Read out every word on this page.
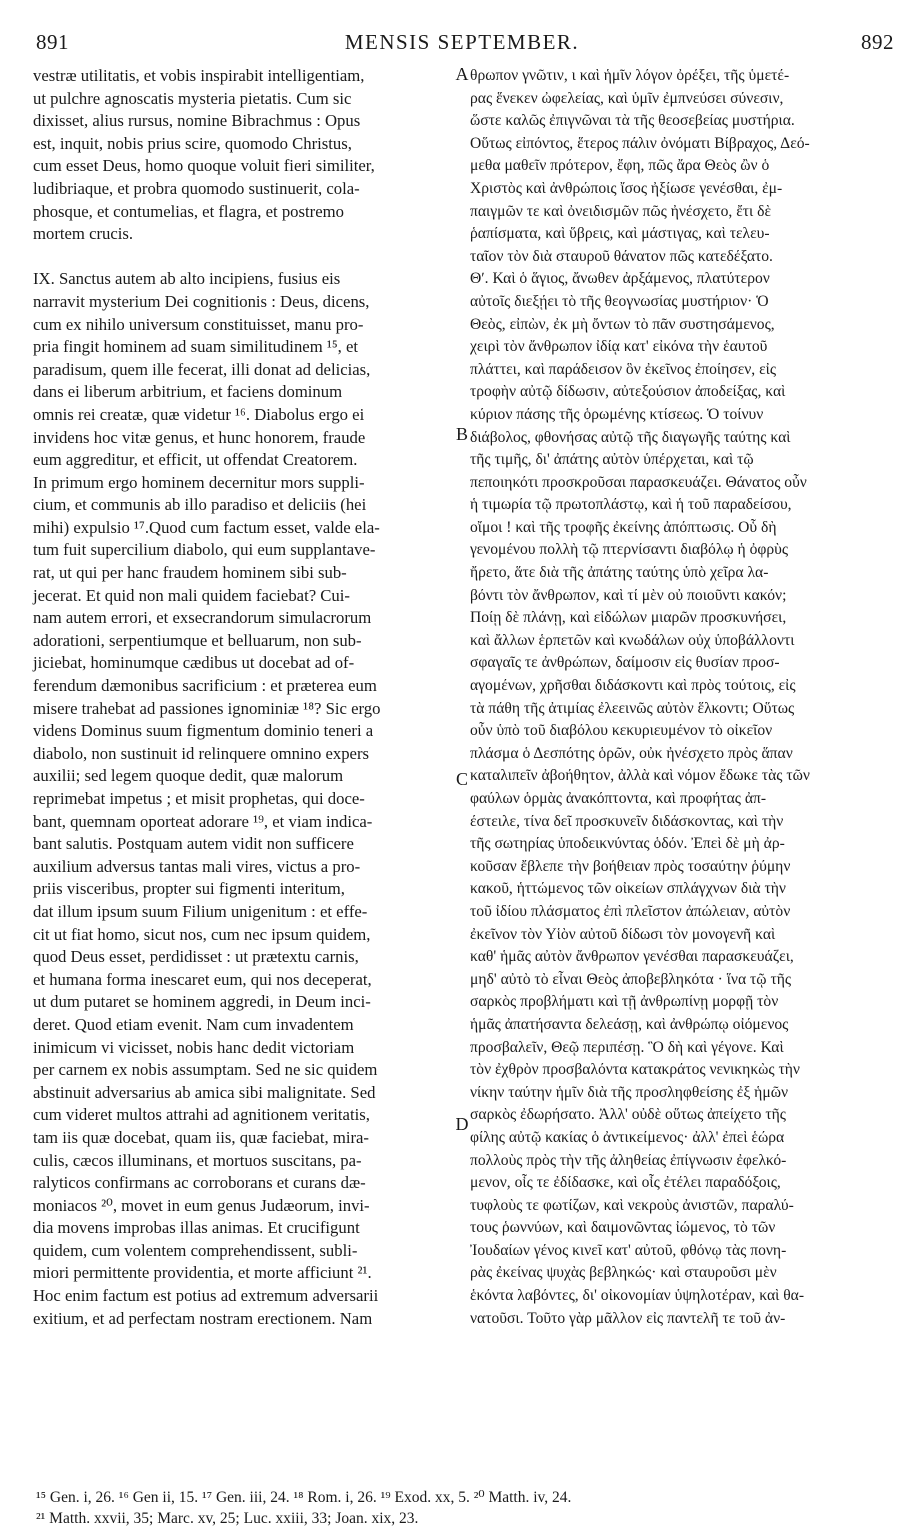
891	MENSIS SEPTEMBER.	892
vestræ utilitatis, et vobis inspirabit intelligentiam,
ut pulchre agnoscatis mysteria pietatis. Cum sic
dixisset, alius rursus, nomine Bibrachmus : Opus
est, inquit, nobis prius scire, quomodo Christus,
cum esset Deus, homo quoque voluit fieri similiter,
ludibriaque, et probra quomodo sustinuerit, cola-
phosque, et contumelias, et flagra, et postremo
mortem crucis.
IX. Sanctus autem ab alto incipiens, fusius eis
narravit mysterium Dei cognitionis : Deus, dicens,
cum ex nihilo universum constituisset, manu pro-
pria fingit hominem ad suam similitudinem ¹⁵, et
paradisum, quem ille fecerat, illi donat ad delicias,
dans ei liberum arbitrium, et faciens dominum
omnis rei creatæ, quæ videtur ¹⁶. Diabolus ergo ei
invidens hoc vitæ genus, et hunc honorem, fraude
eum aggreditur, et efficit, ut offendat Creatorem.
In primum ergo hominem decernitur mors suppli-
cium, et communis ab illo paradiso et deliciis (hei
mihi) expulsio ¹⁷.Quod cum factum esset, valde ela-
tum fuit supercilium diabolo, qui eum supplantave-
rat, ut qui per hanc fraudem hominem sibi sub-
jecerat. Et quid non mali quidem faciebat? Cui-
nam autem errori, et exsecrandorum simulacrorum
adorationi, serpentiumque et belluarum, non sub-
jiciebat, hominumque cædibus ut docebat ad of-
ferendum dæmonibus sacrificium : et præterea eum
misere trahebat ad passiones ignominiæ ¹⁸? Sic ergo
videns Dominus suum figmentum dominio teneri a
diabolo, non sustinuit id relinquere omnino expers
auxilii; sed legem quoque dedit, quæ malorum
reprimebat impetus ; et misit prophetas, qui doce-
bant, quemnam oporteat adorare ¹⁹, et viam indica-
bant salutis. Postquam autem vidit non sufficere
auxilium adversus tantas mali vires, victus a pro-
priis visceribus, propter sui figmenti interitum,
dat illum ipsum suum Filium unigenitum : et effe-
cit ut fiat homo, sicut nos, cum nec ipsum quidem,
quod Deus esset, perdidisset : ut prætextu carnis,
et humana forma inescaret eum, qui nos deceperat,
ut dum putaret se hominem aggredi, in Deum inci-
deret. Quod etiam evenit. Nam cum invadentem
inimicum vi vicisset, nobis hanc dedit victoriam
per carnem ex nobis assumptam. Sed ne sic quidem
abstinuit adversarius ab amica sibi malignitate. Sed
cum videret multos attrahi ad agnitionem veritatis,
tam iis quæ docebat, quam iis, quæ faciebat, mira-
culis, cæcos illuminans, et mortuos suscitans, pa-
ralyticos confirmans ac corroborans et curans dæ-
moniacos ²⁰, movet in eum genus Judæorum, invi-
dia movens improbas illas animas. Et crucifigunt
quidem, cum volentem comprehendissent, subli-
miori permittente providentia, et morte afficiunt ²¹.
Hoc enim factum est potius ad extremum adversarii
exitium, et ad perfectam nostram erectionem. Nam
θρωπον γνῶτιν, ι καὶ ἡμῖν λόγον ὀρέξει, τῆς ὑμετέ-
ρας ἕνεκεν ὠφελείας, καὶ ὑμῖν ἐμπνεύσει σύνεσιν,
ὥστε καλῶς ἐπιγνῶναι τὰ τῆς θεοσεβείας μυστήρια.
Οὕτως εἰπόντος, ἕτερος πάλιν ὀνόματι Βίβραχος, Δεό-
μεθα μαθεῖν πρότερον, ἔφη, πῶς ἄρα Θεὸς ὢν ὁ
Χριστὸς καὶ ἀνθρώποις ἴσος ἠξίωσε γενέσθαι, ἐμ-
παιγμῶν τε καὶ ὀνειδισμῶν πῶς ἠνέσχετο, ἔτι δὲ
ῥαπίσματα, καὶ ὕβρεις, καὶ μάστιγας, καὶ τελευ-
ταῖον τὸν διὰ σταυροῦ θάνατον πῶς κατεδέξατο.
Θʹ. Καὶ ὁ ἅγιος, ἄνωθεν ἀρξάμενος, πλατύτερον
αὐτοῖς διεξῄει τὸ τῆς θεογνωσίας μυστήριον· Ὁ
Θεὸς, εἰπὼν, ἐκ μὴ ὄντων τὸ πᾶν συστησάμενος,
χειρὶ τὸν ἄνθρωπον ἰδίᾳ κατ' εἰκόνα τὴν ἑαυτοῦ
πλάττει, καὶ παράδεισον ὃν ἐκεῖνος ἐποίησεν, εἰς
τροφὴν αὐτῷ δίδωσιν, αὐτεξούσιον ἀποδείξας, καὶ
κύριον πάσης τῆς ὁρωμένης κτίσεως. Ὁ τοίνυν
διάβολος, φθονήσας αὐτῷ τῆς διαγωγῆς ταύτης καὶ
τῆς τιμῆς, δι' ἀπάτης αὐτὸν ὑπέρχεται, καὶ τῷ
πεποιηκότι προσκροῦσαι παρασκευάζει. Θάνατος οὖν
ἡ τιμωρία τῷ πρωτοπλάστῳ, καὶ ἡ τοῦ παραδείσου,
οἴμοι ! καὶ τῆς τροφῆς ἐκείνης ἀπόπτωσις. Οὗ δὴ
γενομένου πολλὴ τῷ πτερνίσαντι διαβόλῳ ἡ ὀφρὺς
ἤρετο, ἅτε διὰ τῆς ἀπάτης ταύτης ὑπὸ χεῖρα λα-
βόντι τὸν ἄνθρωπον, καὶ τί μὲν οὐ ποιοῦντι κακόν;
Ποίῃ δὲ πλάνῃ, καὶ εἰδώλων μιαρῶν προσκυνήσει,
καὶ ἄλλων ἑρπετῶν καὶ κνωδάλων οὐχ ὑποβάλλοντι
σφαγαῖς τε ἀνθρώπων, δαίμοσιν εἰς θυσίαν προσ-
αγομένων, χρῆσθαι διδάσκοντι καὶ πρὸς τούτοις, εἰς
τὰ πάθη τῆς ἀτιμίας ἐλεεινῶς αὐτὸν ἕλκοντι; Οὕτως
οὖν ὑπὸ τοῦ διαβόλου κεκυριευμένον τὸ οἰκεῖον
πλάσμα ὁ Δεσπότης ὁρῶν, οὐκ ἠνέσχετο πρὸς ἅπαν
καταλιπεῖν ἀβοήθητον, ἀλλὰ καὶ νόμον ἔδωκε τὰς τῶν
φαύλων ὁρμὰς ἀνακόπτοντα, καὶ προφήτας ἀπ-
έστειλε, τίνα δεῖ προσκυνεῖν διδάσκοντας, καὶ τὴν
τῆς σωτηρίας ὑποδεικνύντας ὁδόν. Ἐπεὶ δὲ μὴ ἀρ-
κοῦσαν ἔβλεπε τὴν βοήθειαν πρὸς τοσαύτην ῥύμην
κακοῦ, ἡττώμενος τῶν οἰκείων σπλάγχνων διὰ τὴν
τοῦ ἰδίου πλάσματος ἐπὶ πλεῖστον ἀπώλειαν, αὐτὸν
ἐκεῖνον τὸν Υἱὸν αὐτοῦ δίδωσι τὸν μονογενῆ καὶ
καθ' ἡμᾶς αὐτὸν ἄνθρωπον γενέσθαι παρασκευάζει,
μηδ' αὐτὸ τὸ εἶναι Θεὸς ἀποβεβληκότα · ἵνα τῷ τῆς
σαρκὸς προβλήματι καὶ τῇ ἀνθρωπίνῃ μορφῇ τὸν
ἡμᾶς ἀπατήσαντα δελεάσῃ, καὶ ἀνθρώπῳ οἰόμενος
προσβαλεῖν, Θεῷ περιπέσῃ. Ὃ δὴ καὶ γέγονε. Καὶ
τὸν ἐχθρὸν προσβαλόντα κατακράτος νενικηκὼς τὴν
νίκην ταύτην ἡμῖν διὰ τῆς προσληφθείσης ἐξ ἡμῶν
σαρκὸς ἐδωρήσατο. Ἀλλ' οὐδὲ οὕτως ἀπείχετο τῆς
φίλης αὐτῷ κακίας ὁ ἀντικείμενος· ἀλλ' ἐπεὶ ἑώρα
πολλοὺς πρὸς τὴν τῆς ἀληθείας ἐπίγνωσιν ἐφελκό-
μενον, οἷς τε ἐδίδασκε, καὶ οἷς ἐτέλει παραδόξοις,
τυφλοὺς τε φωτίζων, καὶ νεκροὺς ἀνιστῶν, παραλύ-
τους ῥωννύων, καὶ δαιμονῶντας ἰώμενος, τὸ τῶν
Ἰουδαίων γένος κινεῖ κατ' αὐτοῦ, φθόνῳ τὰς πονη-
ρὰς ἐκείνας ψυχὰς βεβληκώς· καὶ σταυροῦσι μὲν
ἑκόντα λαβόντες, δι' οἰκονομίαν ὑψηλοτέραν, καὶ θα-
νατοῦσι. Τοῦτο γὰρ μᾶλλον εἰς παντελῆ τε τοῦ ἀν-
A
B
C
D
¹⁵ Gen. i, 26. ¹⁶ Gen ii, 15. ¹⁷ Gen. iii, 24. ¹⁸ Rom. i, 26. ¹⁹ Exod. xx, 5. ²⁰ Matth. iv, 24.
²¹ Matth. xxvii, 35; Marc. xv, 25; Luc. xxiii, 33; Joan. xix, 23.
